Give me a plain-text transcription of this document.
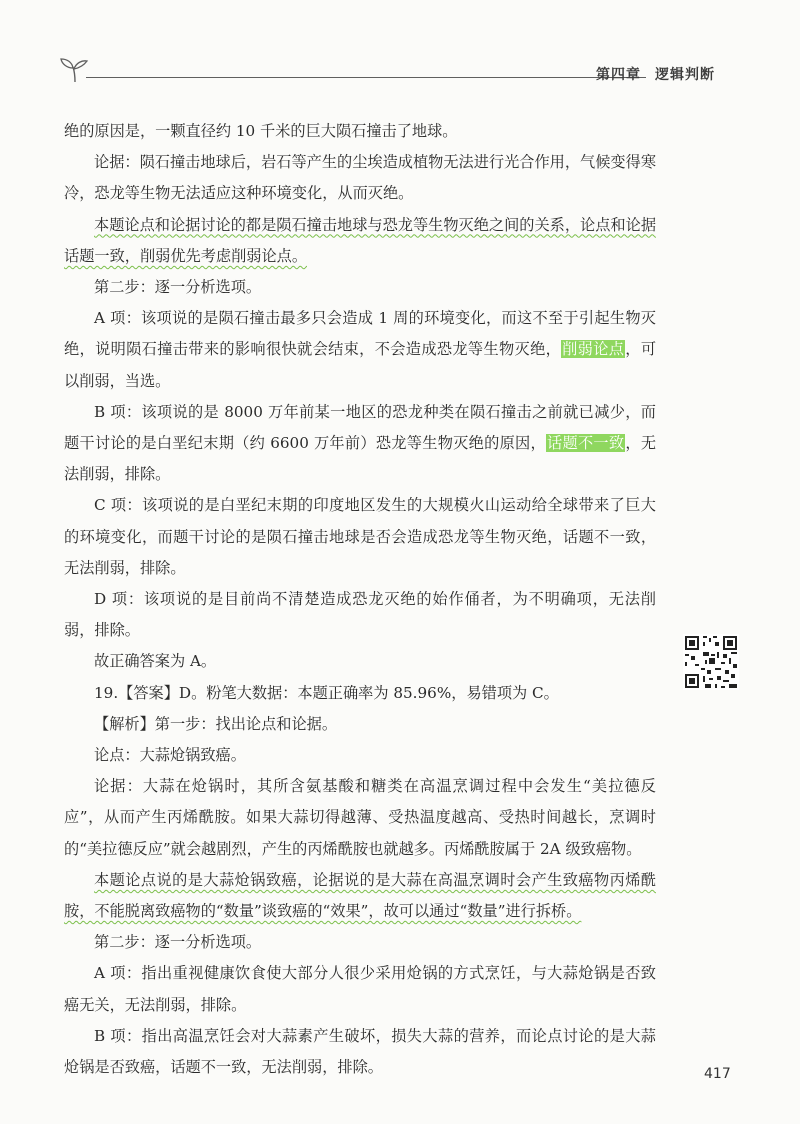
第四章 逻辑判断

绝的原因是，一颗直径约 10 千米的巨大陨石撞击了地球。

论据：陨石撞击地球后，岩石等产生的尘埃造成植物无法进行光合作用，气候变得寒冷，恐龙等生物无法适应这种环境变化，从而灭绝。

本题论点和论据讨论的都是陨石撞击地球与恐龙等生物灭绝之间的关系，论点和论据话题一致，削弱优先考虑削弱论点。

第二步：逐一分析选项。

A 项：该项说的是陨石撞击最多只会造成 1 周的环境变化，而这不至于引起生物灭绝，说明陨石撞击带来的影响很快就会结束，不会造成恐龙等生物灭绝，削弱论点，可以削弱，当选。

B 项：该项说的是 8000 万年前某一地区的恐龙种类在陨石撞击之前就已减少，而题干讨论的是白垩纪末期（约 6600 万年前）恐龙等生物灭绝的原因，话题不一致，无法削弱，排除。

C 项：该项说的是白垩纪末期的印度地区发生的大规模火山运动给全球带来了巨大的环境变化，而题干讨论的是陨石撞击地球是否会造成恐龙等生物灭绝，话题不一致，无法削弱，排除。

D 项：该项说的是目前尚不清楚造成恐龙灭绝的始作俑者，为不明确项，无法削弱，排除。

故正确答案为 A。

19.【答案】D。粉笔大数据：本题正确率为 85.96%，易错项为 C。

【解析】第一步：找出论点和论据。

论点：大蒜炝锅致癌。

论据：大蒜在炝锅时，其所含氨基酸和糖类在高温烹调过程中会发生“美拉德反应”，从而产生丙烯酰胺。如果大蒜切得越薄、受热温度越高、受热时间越长，烹调时的“美拉德反应”就会越剧烈，产生的丙烯酰胺也就越多。丙烯酰胺属于 2A 级致癌物。

本题论点说的是大蒜炝锅致癌，论据说的是大蒜在高温烹调时会产生致癌物丙烯酰胺，不能脱离致癌物的“数量”谈致癌的“效果”，故可以通过“数量”进行拆桥。

第二步：逐一分析选项。

A 项：指出重视健康饮食使大部分人很少采用炝锅的方式烹饪，与大蒜炝锅是否致癌无关，无法削弱，排除。

B 项：指出高温烹饪会对大蒜素产生破坏，损失大蒜的营养，而论点讨论的是大蒜炝锅是否致癌，话题不一致，无法削弱，排除。	417
